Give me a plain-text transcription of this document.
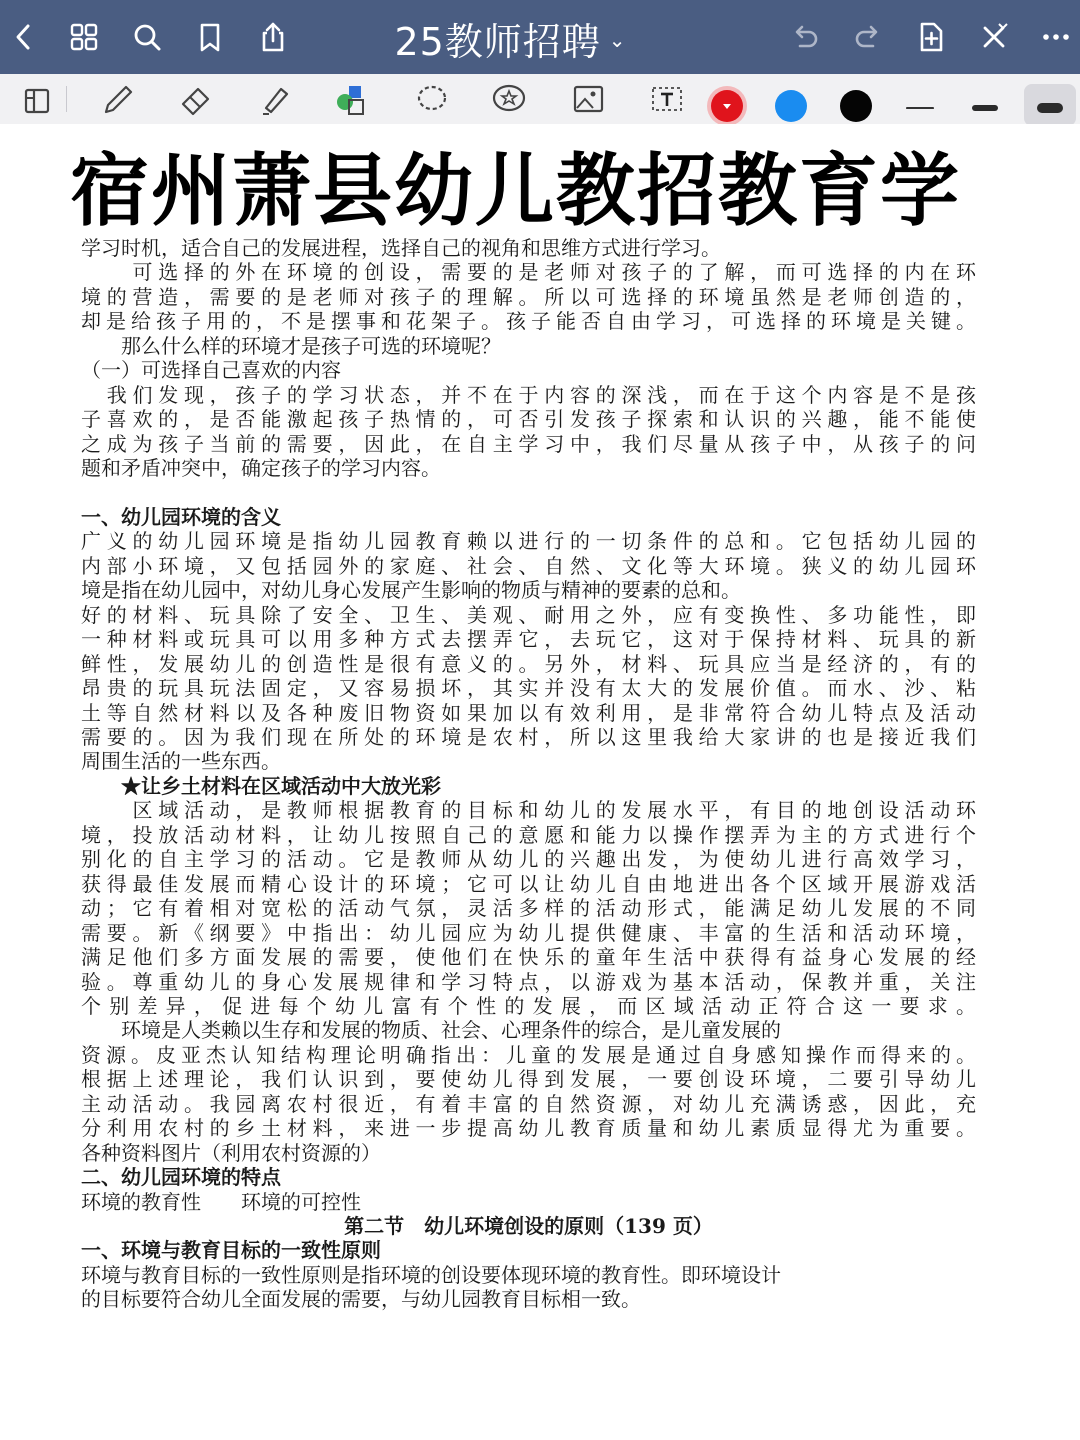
25教师招聘 ⌄
宿州萧县幼儿教招教育学
学习时机，适合自己的发展进程，选择自己的视角和思维方式进行学习。
　　可选择的外在环境的创设，需要的是老师对孩子的了解，而可选择的内在环
境的营造，需要的是老师对孩子的理解。所以可选择的环境虽然是老师创造的，
却是给孩子用的，不是摆事和花架子。孩子能否自由学习，可选择的环境是关键。
　　那么什么样的环境才是孩子可选的环境呢？
（一）可选择自己喜欢的内容
　我们发现，孩子的学习状态，并不在于内容的深浅，而在于这个内容是不是孩
子喜欢的，是否能激起孩子热情的，可否引发孩子探索和认识的兴趣，能不能使
之成为孩子当前的需要，因此，在自主学习中，我们尽量从孩子中，从孩子的问
题和矛盾冲突中，确定孩子的学习内容。
一、幼儿园环境的含义
广义的幼儿园环境是指幼儿园教育赖以进行的一切条件的总和。它包括幼儿园的
内部小环境，又包括园外的家庭、社会、自然、文化等大环境。狭义的幼儿园环
境是指在幼儿园中，对幼儿身心发展产生影响的物质与精神的要素的总和。
好的材料、玩具除了安全、卫生、美观、耐用之外，应有变换性、多功能性，即
一种材料或玩具可以用多种方式去摆弄它，去玩它，这对于保持材料、玩具的新
鲜性，发展幼儿的创造性是很有意义的。另外，材料、玩具应当是经济的，有的
昂贵的玩具玩法固定，又容易损坏，其实并没有太大的发展价值。而水、沙、粘
土等自然材料以及各种废旧物资如果加以有效利用，是非常符合幼儿特点及活动
需要的。因为我们现在所处的环境是农村，所以这里我给大家讲的也是接近我们
周围生活的一些东西。
　　★让乡土材料在区域活动中大放光彩
　　区域活动，是教师根据教育的目标和幼儿的发展水平，有目的地创设活动环
境，投放活动材料，让幼儿按照自己的意愿和能力以操作摆弄为主的方式进行个
别化的自主学习的活动。它是教师从幼儿的兴趣出发，为使幼儿进行高效学习，
获得最佳发展而精心设计的环境；它可以让幼儿自由地进出各个区域开展游戏活
动；它有着相对宽松的活动气氛，灵活多样的活动形式，能满足幼儿发展的不同
需要。新《纲要》中指出：幼儿园应为幼儿提供健康、丰富的生活和活动环境，
满足他们多方面发展的需要，使他们在快乐的童年生活中获得有益身心发展的经
验。尊重幼儿的身心发展规律和学习特点，以游戏为基本活动，保教并重，关注
个别差异，促进每个幼儿富有个性的发展，而区域活动正符合这一要求。
　　环境是人类赖以生存和发展的物质、社会、心理条件的综合，是儿童发展的
资源。皮亚杰认知结构理论明确指出：儿童的发展是通过自身感知操作而得来的。
根据上述理论，我们认识到，要使幼儿得到发展，一要创设环境，二要引导幼儿
主动活动。我园离农村很近，有着丰富的自然资源，对幼儿充满诱惑，因此，充
分利用农村的乡土材料，来进一步提高幼儿教育质量和幼儿素质显得尤为重要。
各种资料图片（利用农村资源的）
二、幼儿园环境的特点
环境的教育性　　环境的可控性
第二节　幼儿环境创设的原则（139 页）
一、环境与教育目标的一致性原则
环境与教育目标的一致性原则是指环境的创设要体现环境的教育性。即环境设计
的目标要符合幼儿全面发展的需要，与幼儿园教育目标相一致。
